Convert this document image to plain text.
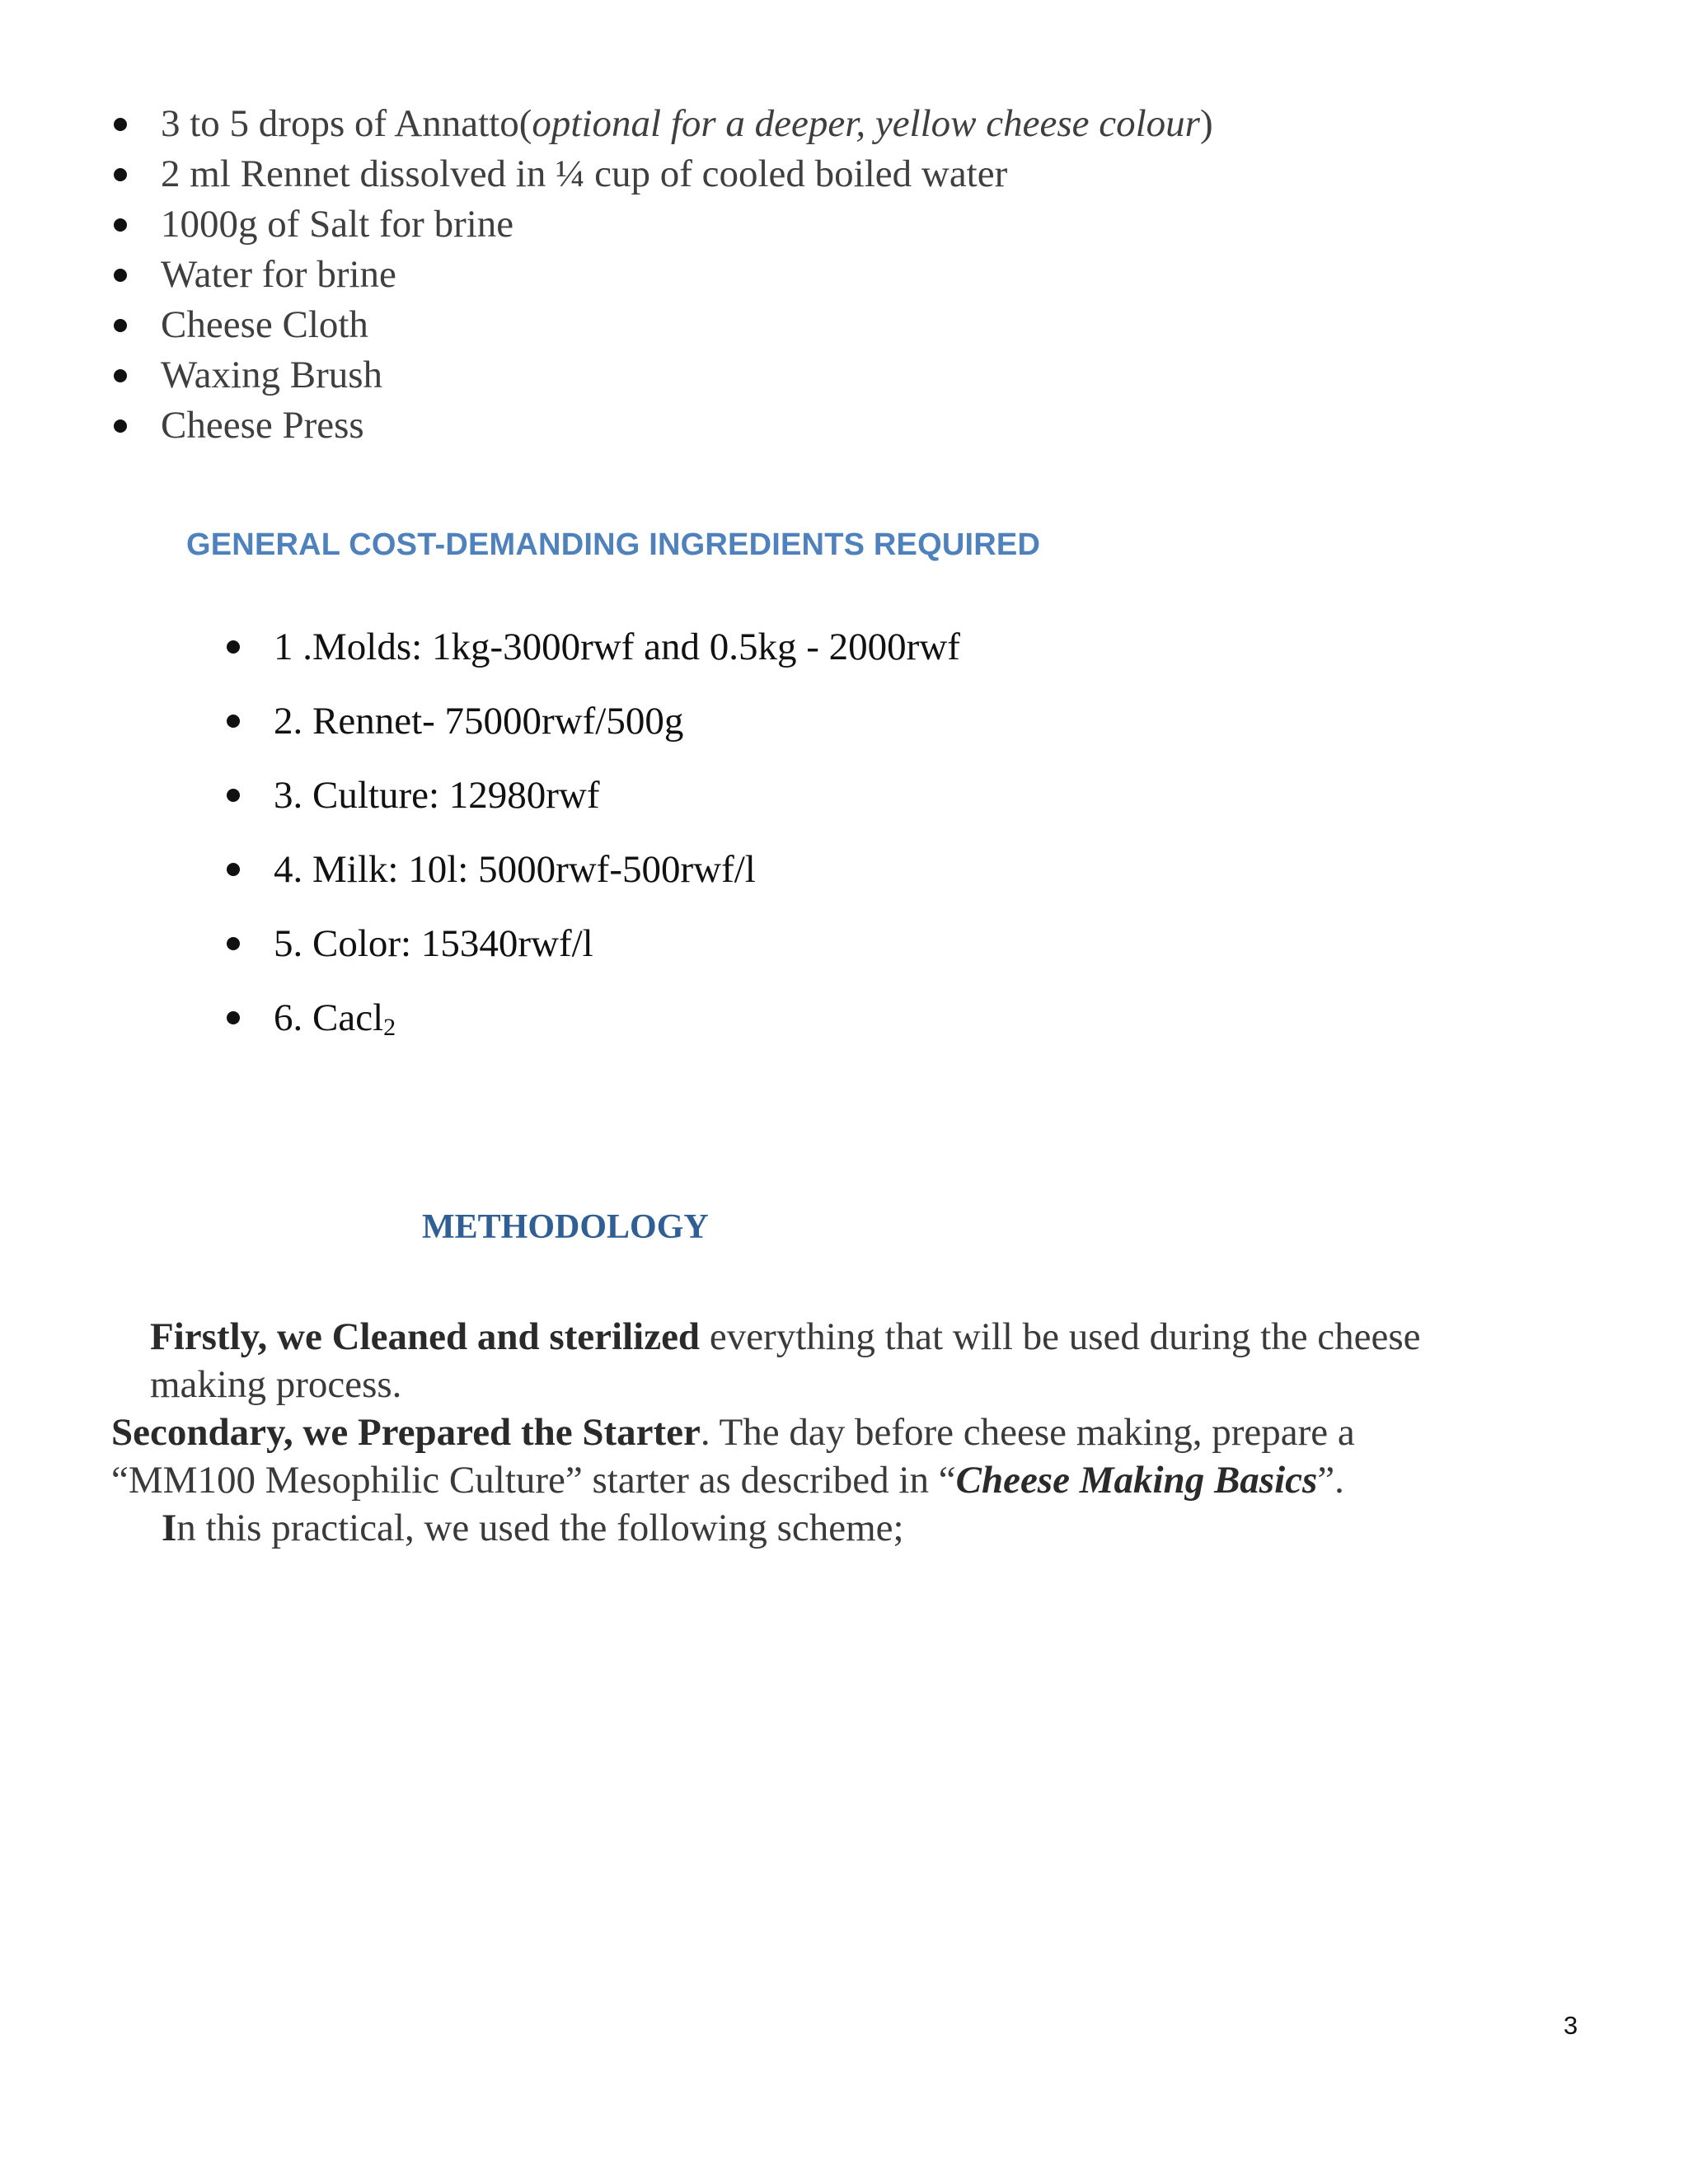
3 to 5 drops of Annatto(optional for a deeper, yellow cheese colour)
2 ml Rennet dissolved in ¼ cup of cooled boiled water
1000g of Salt for brine
Water for brine
Cheese Cloth
Waxing Brush
Cheese Press
GENERAL COST-DEMANDING INGREDIENTS REQUIRED
1 .Molds: 1kg-3000rwf and 0.5kg - 2000rwf
2. Rennet- 75000rwf/500g
3. Culture: 12980rwf
4. Milk: 10l: 5000rwf-500rwf/l
5. Color: 15340rwf/l
6. Cacl$_2$
METHODOLOGY
Firstly, we Cleaned and sterilized everything that will be used during the cheese
making process.
Secondary, we Prepared the Starter. The day before cheese making, prepare a
“MM100 Mesophilic Culture” starter as described in “Cheese Making Basics”.
In this practical, we used the following scheme;
3
